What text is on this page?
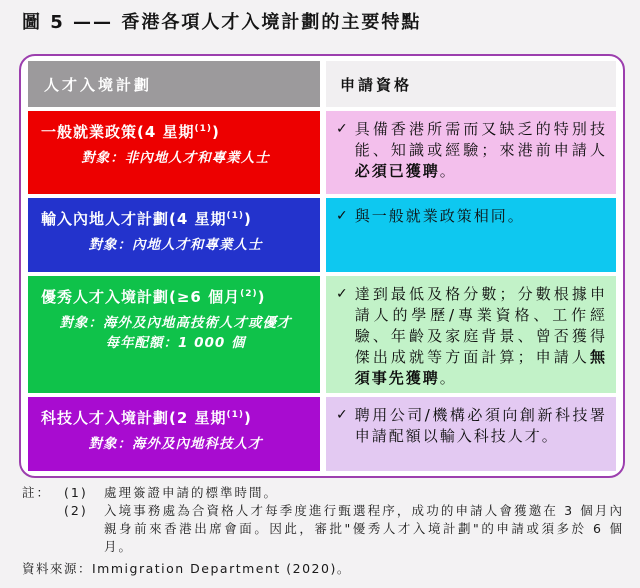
圖 5 —— 香港各項人才入境計劃的主要特點
人才入境計劃	申請資格
一般就業政策(4 星期$^{(1)}$)
對象：非內地人才和專業人士
✓ 具備香港所需而又缺乏的特別技能、知識或經驗；來港前申請人必須已獲聘。
輸入內地人才計劃(4 星期$^{(1)}$)
對象：內地人才和專業人士
✓ 與一般就業政策相同。
優秀人才入境計劃(≥6 個月$^{(2)}$)
對象：海外及內地高技術人才或優才
每年配額：1 000 個
✓ 達到最低及格分數；分數根據申請人的學歷/專業資格、工作經驗、年齡及家庭背景、曾否獲得傑出成就等方面計算；申請人無須事先獲聘。
科技人才入境計劃(2 星期$^{(1)}$)
對象：海外及內地科技人才
✓ 聘用公司/機構必須向創新科技署申請配額以輸入科技人才。
註：	(1)	處理簽證申請的標準時間。
(2)	入境事務處為合資格人才每季度進行甄選程序，成功的申請人會獲邀在 3 個月內親身前來香港出席會面。因此，審批"優秀人才入境計劃"的申請或須多於 6 個月。
資料來源：Immigration Department (2020)。
